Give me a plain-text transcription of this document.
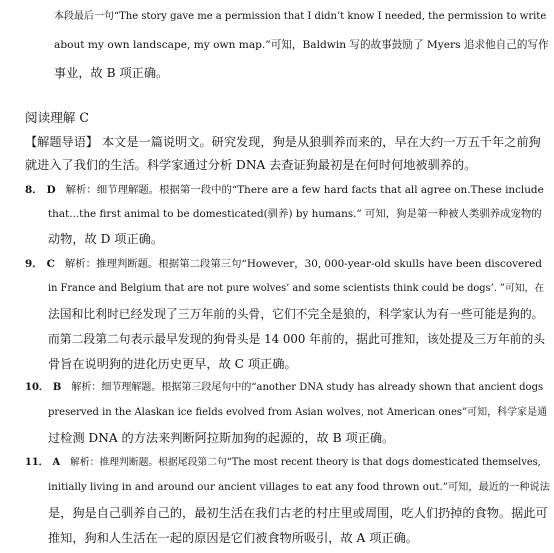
本段最后一句“The story gave me a permission that I didn’t know I needed, the permission to write
about my own landscape, my own map.”可知，Baldwin 写的故事鼓励了 Myers 追求他自己的写作
事业，故 B 项正确。
阅读理解 C
【解题导语】 本文是一篇说明文。研究发现，狗是从狼驯养而来的，早在大约一万五千年之前狗
就进入了我们的生活。科学家通过分析 DNA 去查证狗最初是在何时何地被驯养的。
8． D 解析：细节理解题。根据第一段中的“There are a few hard facts that all agree on.These include
that...the first animal to be domesticated(驯养) by humans.” 可知，狗是第一种被人类驯养成宠物的
动物，故 D 项正确。
9． C 解析：推理判断题。根据第二段第三句“However，30, 000-year-old skulls have been discovered
in France and Belgium that are not pure wolves’ and some scientists think could be dogs’. ”可知，在
法国和比利时已经发现了三万年前的头骨，它们不完全是狼的，科学家认为有一些可能是狗的。
而第二段第二句表示最早发现的狗骨头是 14 000 年前的，据此可推知，该处提及三万年前的头
骨旨在说明狗的进化历史更早，故 C 项正确。
10． B 解析：细节理解题。根据第三段尾句中的“another DNA study has already shown that ancient dogs
preserved in the Alaskan ice fields evolved from Asian wolves, not American ones”可知，科学家是通
过检测 DNA 的方法来判断阿拉斯加狗的起源的，故 B 项正确。
11． A 解析：推理判断题。根据尾段第二句“The most recent theory is that dogs domesticated themselves,
initially living in and around our ancient villages to eat any food thrown out.”可知，最近的一种说法
是，狗是自己驯养自己的，最初生活在我们古老的村庄里或周围，吃人们扔掉的食物。据此可
推知，狗和人生活在一起的原因是它们被食物所吸引，故 A 项正确。
